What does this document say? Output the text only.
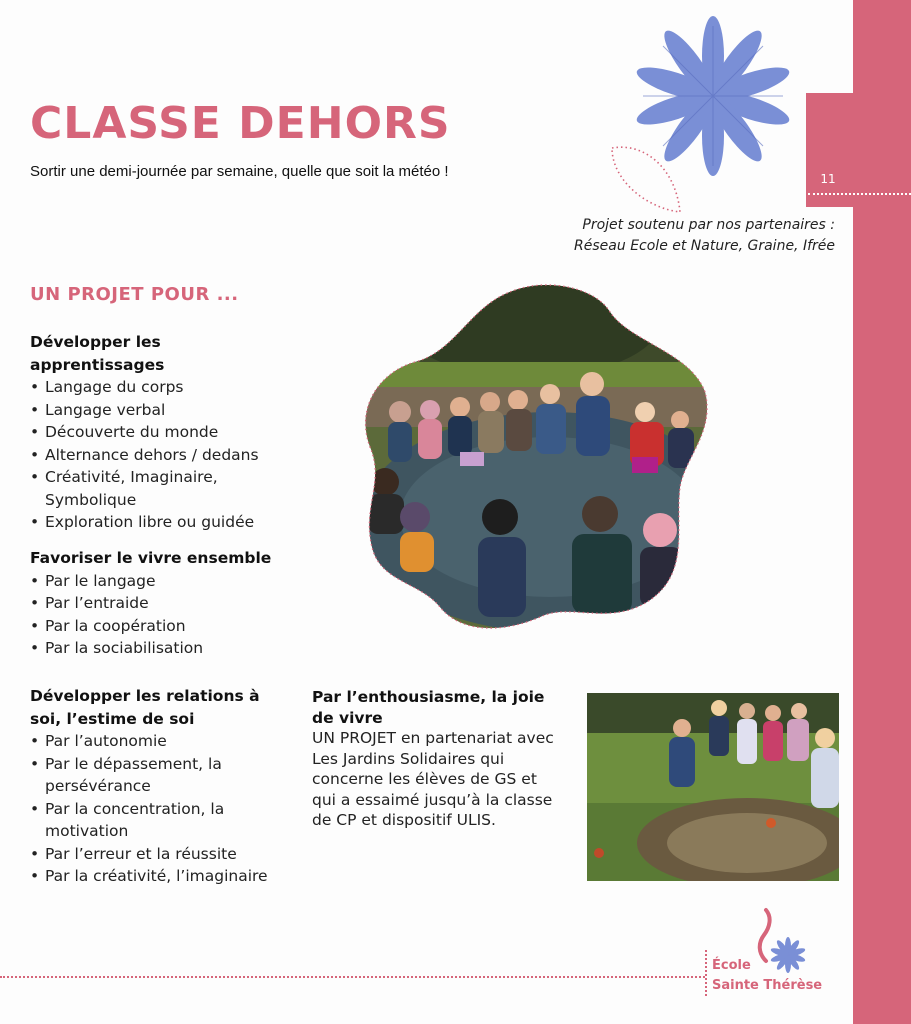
11
CLASSE DEHORS
Sortir une demi-journée par semaine, quelle que soit la météo !
Projet soutenu par nos partenaires :
Réseau Ecole et Nature, Graine, Ifrée
UN PROJET POUR ...
Développer les apprentissages
• Langage du corps
• Langage verbal
• Découverte du monde
• Alternance dehors / dedans
• Créativité, Imaginaire, Symbolique
• Exploration libre ou guidée
Favoriser le vivre ensemble
• Par le langage
• Par l’entraide
• Par la coopération
• Par la sociabilisation
Développer les relations à soi, l’estime de soi
• Par l’autonomie
• Par le dépassement, la persévérance
• Par la concentration, la motivation
• Par l’erreur et la réussite
• Par la créativité, l’imaginaire
Par l’enthousiasme, la joie de vivre
UN PROJET en partenariat avec Les Jardins Solidaires qui concerne les élèves de GS et qui a essaimé jusqu’à la classe de CP et dispositif ULIS.
École
Sainte Thérèse
